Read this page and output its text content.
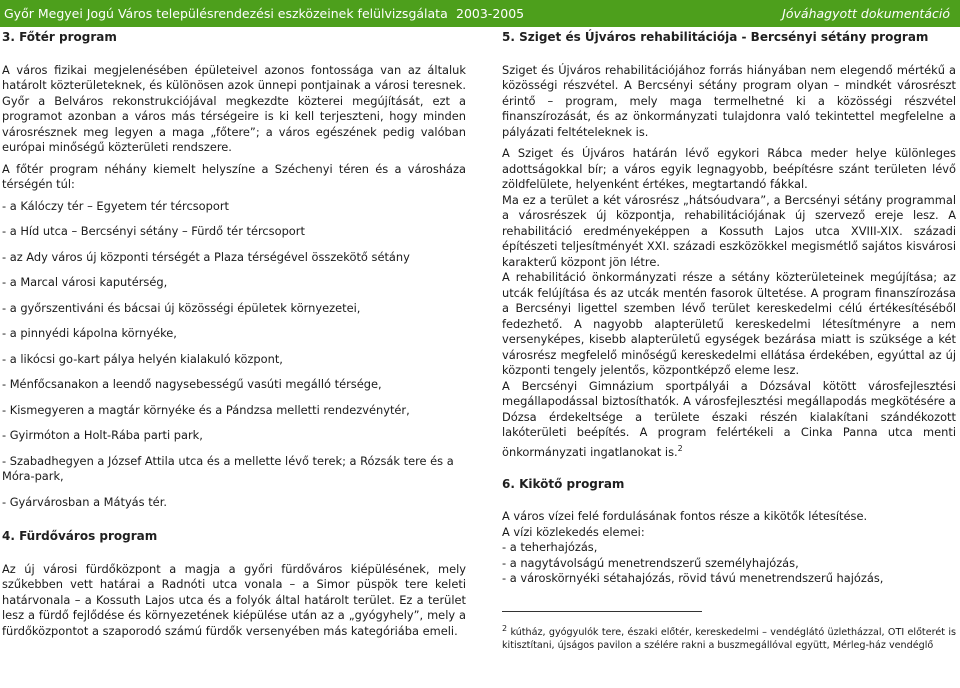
Győr Megyei Jogú Város településrendezési eszközeinek felülvizsgálata 2003-2005	Jóváhagyott dokumentáció
3. Főtér program

A város fizikai megjelenésében épületeivel azonos fontossága van az általuk határolt közterületeknek, és különösen azok ünnepi pontjainak a városi teresnek. Győr a Belváros rekonstrukciójával megkezdte közterei megújítását, ezt a programot azonban a város más térségeire is ki kell terjeszteni, hogy minden városrésznek meg legyen a maga „főtere”; a város egészének pedig valóban európai minőségű közterületi rendszere.

A főtér program néhány kiemelt helyszíne a Széchenyi téren és a városháza térségén túl:

- a Kálóczy tér – Egyetem tér tércsoport
- a Híd utca – Bercsényi sétány – Fürdő tér tércsoport
- az Ady város új központi térségét a Plaza térségével összekötő sétány
- a Marcal városi kaputérség,
- a győrszentiváni és bácsai új közösségi épületek környezetei,
- a pinnyédi kápolna környéke,
- a likócsi go-kart pálya helyén kialakuló központ,
- Ménfőcsanakon a leendő nagysebességű vasúti megálló térsége,
- Kismegyeren a magtár környéke és a Pándzsa melletti rendezvénytér,
- Gyirmóton a Holt-Rába parti park,
- Szabadhegyen a József Attila utca és a mellette lévő terek; a Rózsák tere és a Móra-park,
- Gyárvárosban a Mátyás tér.
4. Fürdőváros program

Az új városi fürdőközpont a magja a győri fürdőváros kiépülésének, mely szűkebben vett határai a Radnóti utca vonala – a Simor püspök tere keleti határvonala – a Kossuth Lajos utca és a folyók által határolt terület. Ez a terület lesz a fürdő fejlődése és környezetének kiépülése után az a „gyógyhely”, mely a fürdőközpontot a szaporodó számú fürdők versenyében más kategóriába emeli.

5. Sziget és Újváros rehabilitációja - Bercsényi sétány program

Sziget és Újváros rehabilitációjához forrás hiányában nem elegendő mértékű a közösségi részvétel. A Bercsényi sétány program olyan – mindkét városrészt érintő – program, mely maga termelhetné ki a közösségi részvétel finanszírozását, és az önkormányzati tulajdonra való tekintettel megfelelne a pályázati feltételeknek is.

A Sziget és Újváros határán lévő egykori Rábca meder helye különleges adottságokkal bír; a város egyik legnagyobb, beépítésre szánt területen lévő zöldfelülete, helyenként értékes, megtartandó fákkal.

Ma ez a terület a két városrész „hátsóudvara”, a Bercsényi sétány programmal a városrészek új központja, rehabilitációjának új szervező ereje lesz. A rehabilitáció eredményeképpen a Kossuth Lajos utca XVIII-XIX. századi építészeti teljesítményét XXI. századi eszközökkel megismétlő sajátos kisvárosi karakterű központ jön létre.

A rehabilitáció önkormányzati része a sétány közterületeinek megújítása; az utcák felújítása és az utcák mentén fasorok ültetése. A program finanszírozása a Bercsényi ligettel szemben lévő terület kereskedelmi célú értékesítéséből fedezhető. A nagyobb alapterületű kereskedelmi létesítményre a nem versenyképes, kisebb alapterületű egységek bezárása miatt is szüksége a két városrész megfelelő minőségű kereskedelmi ellátása érdekében, egyúttal az új központi tengely jelentős, központképző eleme lesz.

A Bercsényi Gimnázium sportpályái a Dózsával kötött városfejlesztési megállapodással biztosíthatók. A városfejlesztési megállapodás megkötésére a Dózsa érdekeltsége a területe északi részén kialakítani szándékozott lakóterületi beépítés. A program felértékeli a Cinka Panna utca menti önkormányzati ingatlanokat is.$^2$

6. Kikötő program

A város vízei felé fordulásának fontos része a kikötők létesítése.

A vízi közlekedés elemei:

- a teherhajózás,
- a nagytávolságú menetrendszerű személyhajózás,
- a városkörnyéki sétahajózás, rövid távú menetrendszerű hajózás,

$^2$ kútház, gyógyulók tere, északi előtér, kereskedelmi – vendéglátó üzletházzal, OTI előterét is kitisztítani, újságos pavilon a szélére rakni a buszmegállóval együtt, Mérleg-ház vendéglő
